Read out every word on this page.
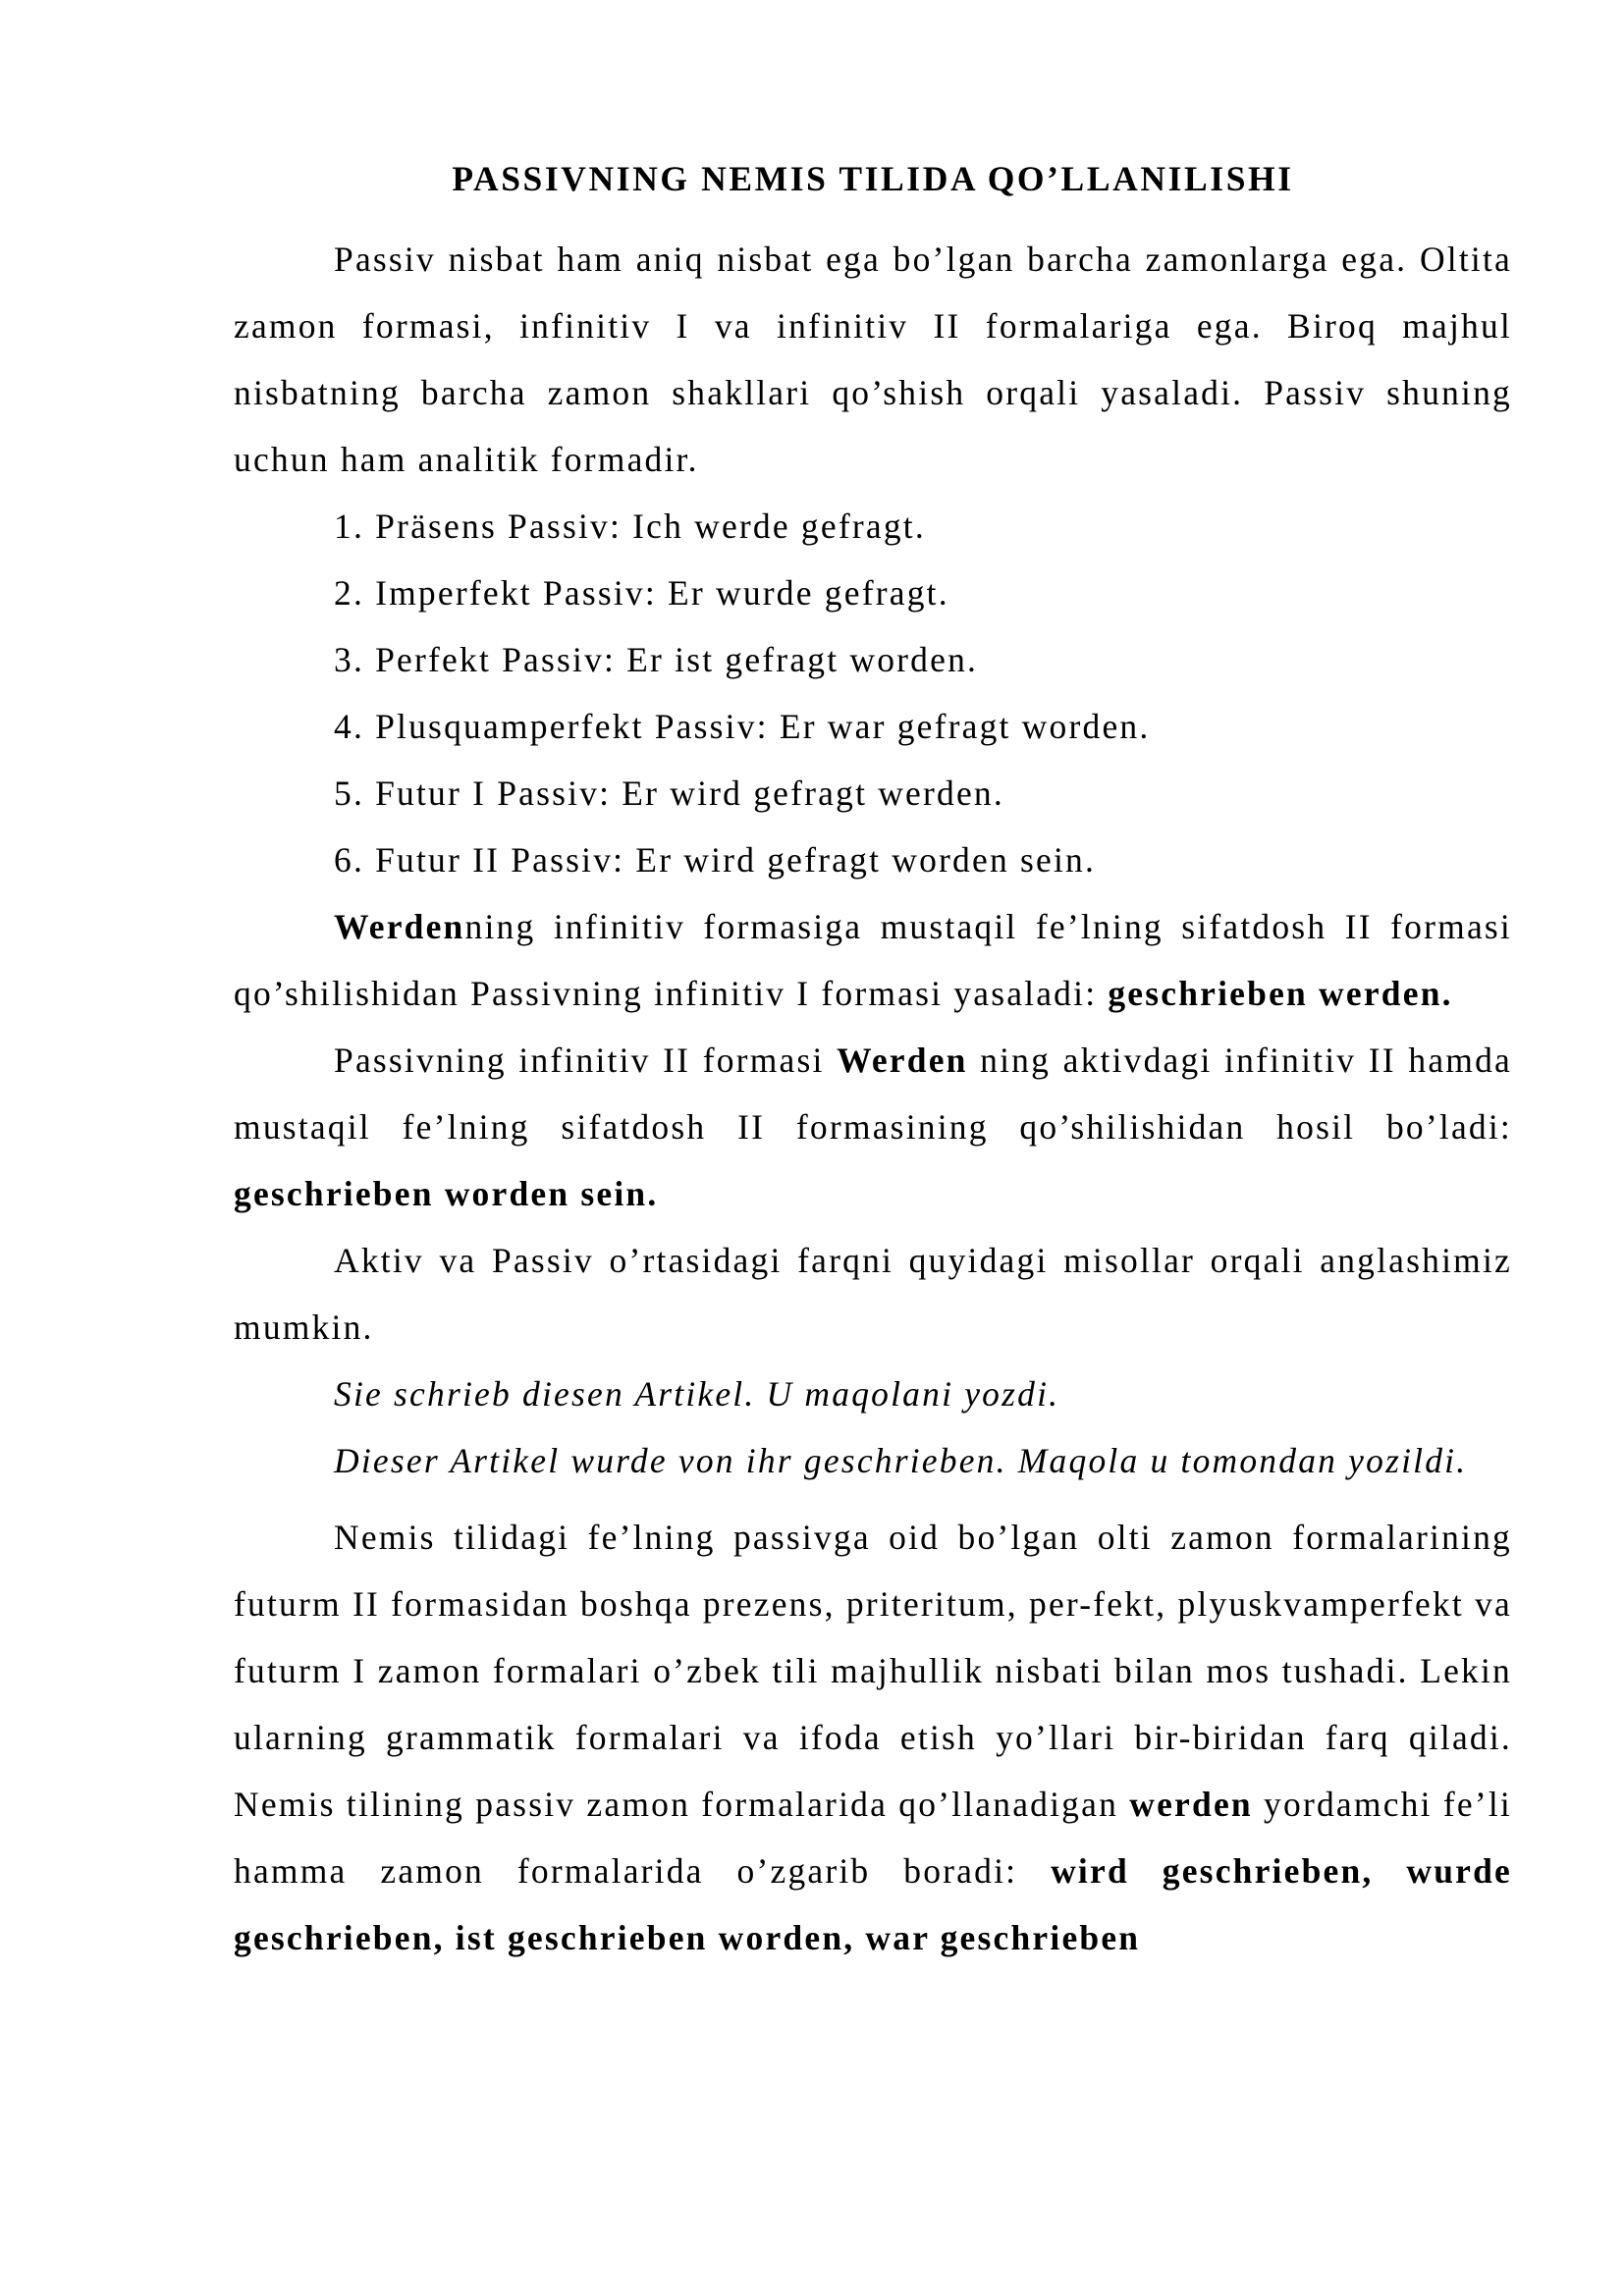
PASSIVNING NEMIS TILIDA QO’LLANILISHI

Passiv nisbat ham aniq nisbat ega bo’lgan barcha zamonlarga ega. Oltita zamon formasi, infinitiv I va infinitiv II formalariga ega. Biroq majhul nisbatning barcha zamon shakllari qo’shish orqali yasaladi. Passiv shuning uchun ham analitik formadir.

1. Präsens Passiv: Ich werde gefragt.
2. Imperfekt Passiv: Er wurde gefragt.
3. Perfekt Passiv: Er ist gefragt worden.
4. Plusquamperfekt Passiv: Er war gefragt worden.
5. Futur I Passiv: Er wird gefragt werden.
6. Futur II Passiv: Er wird gefragt worden sein.

Werdenning infinitiv formasiga mustaqil fe’lning sifatdosh II formasi qo’shilishidan Passivning infinitiv I formasi yasaladi: geschrieben werden.

Passivning infinitiv II formasi Werden ning aktivdagi infinitiv II hamda mustaqil fe’lning sifatdosh II formasining qo’shilishidan hosil bo’ladi: geschrieben worden sein.

Aktiv va Passiv o’rtasidagi farqni quyidagi misollar orqali anglashimiz mumkin.

Sie schrieb diesen Artikel. U maqolani yozdi.

Dieser Artikel wurde von ihr geschrieben. Maqola u tomondan yozildi.

Nemis tilidagi fe’lning passivga oid bo’lgan olti zamon formalarining futurm II formasidan boshqa prezens, priteritum, per-fekt, plyuskvamperfekt va futurm I zamon formalari o’zbek tili majhullik nisbati bilan mos tushadi. Lekin ularning grammatik formalari va ifoda etish yo’llari bir-biridan farq qiladi. Nemis tilining passiv zamon formalarida qo’llanadigan werden yordamchi fe’li hamma zamon formalarida o’zgarib boradi: wird geschrieben, wurde geschrieben, ist geschrieben worden, war geschrieben
